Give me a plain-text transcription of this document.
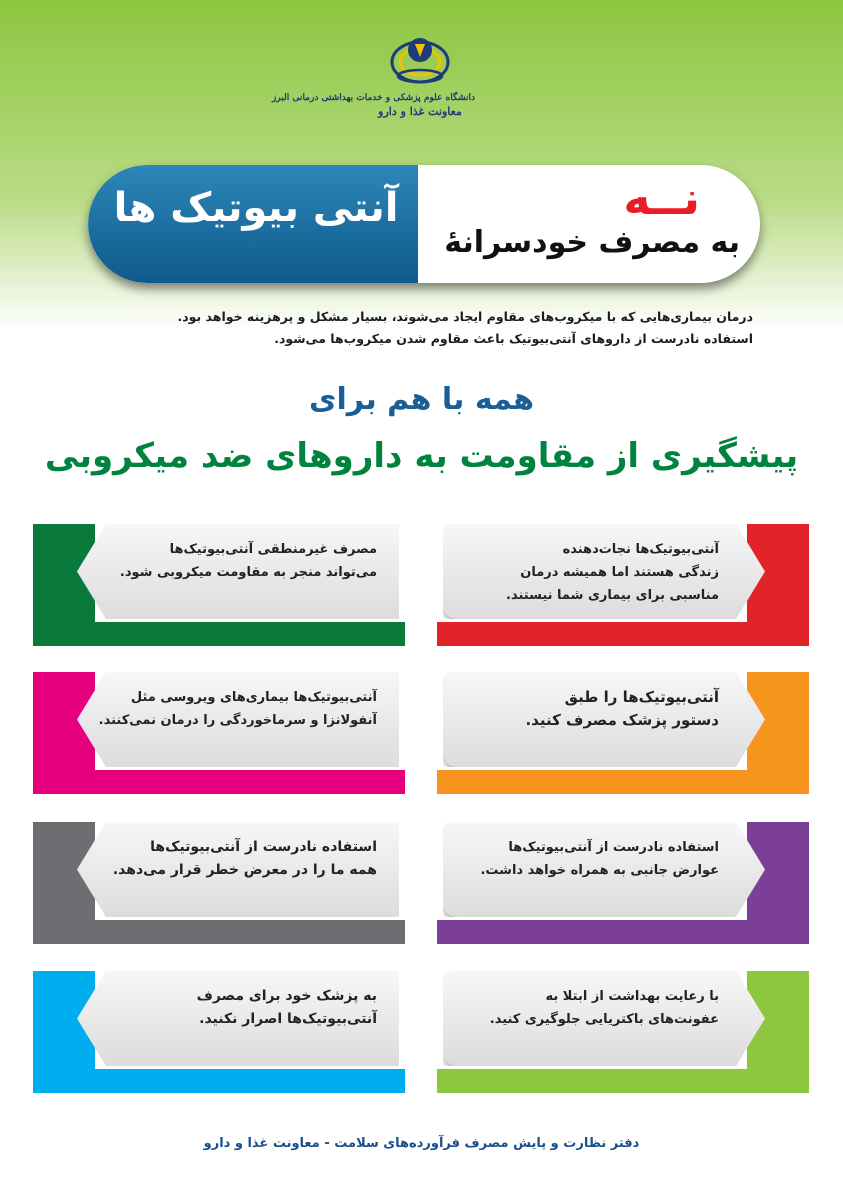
دانشگاه علوم پزشکی و خدمات بهداشتی درمانی البرز
معاونت غذا و دارو
آنتی بیوتیک ها	نــه
به مصرف خودسرانهٔ

درمان بیماری‌هایی که با میکروب‌های مقاوم ایجاد می‌شوند، بسیار مشکل و پرهزینه خواهد بود.

استفاده نادرست از داروهای آنتی‌بیوتیک باعث مقاوم شدن میکروب‌ها می‌شود.

همه با هم برای
پیشگیری از مقاومت به داروهای ضد میکروبی
۱
آنتی‌بیوتیک‌ها نجات‌دهنده
زندگی هستند اما همیشه درمان
مناسبی برای بیماری شما نیستند.
۲	مصرف غیرمنطقی آنتی‌بیوتیک‌ها
می‌تواند منجر به مقاومت میکروبی شود.
۳
آنتی‌بیوتیک‌ها را طبق
دستور پزشک مصرف کنید.
۴	آنتی‌بیوتیک‌ها بیماری‌های ویروسی مثل
آنفولانزا و سرماخوردگی را درمان نمی‌کنند.
۵
استفاده نادرست از آنتی‌بیوتیک‌ها
عوارض جانبی به همراه خواهد داشت.
۶	استفاده نادرست از آنتی‌بیوتیک‌ها
همه ما را در معرض خطر قرار می‌دهد.
۷
با رعایت بهداشت از ابتلا به
عفونت‌های باکتریایی جلوگیری کنید.
۸	به پزشک خود برای مصرف
آنتی‌بیوتیک‌ها اصرار نکنید.
دفتر نظارت و پایش مصرف فرآورده‌های سلامت - معاونت غذا و دارو
